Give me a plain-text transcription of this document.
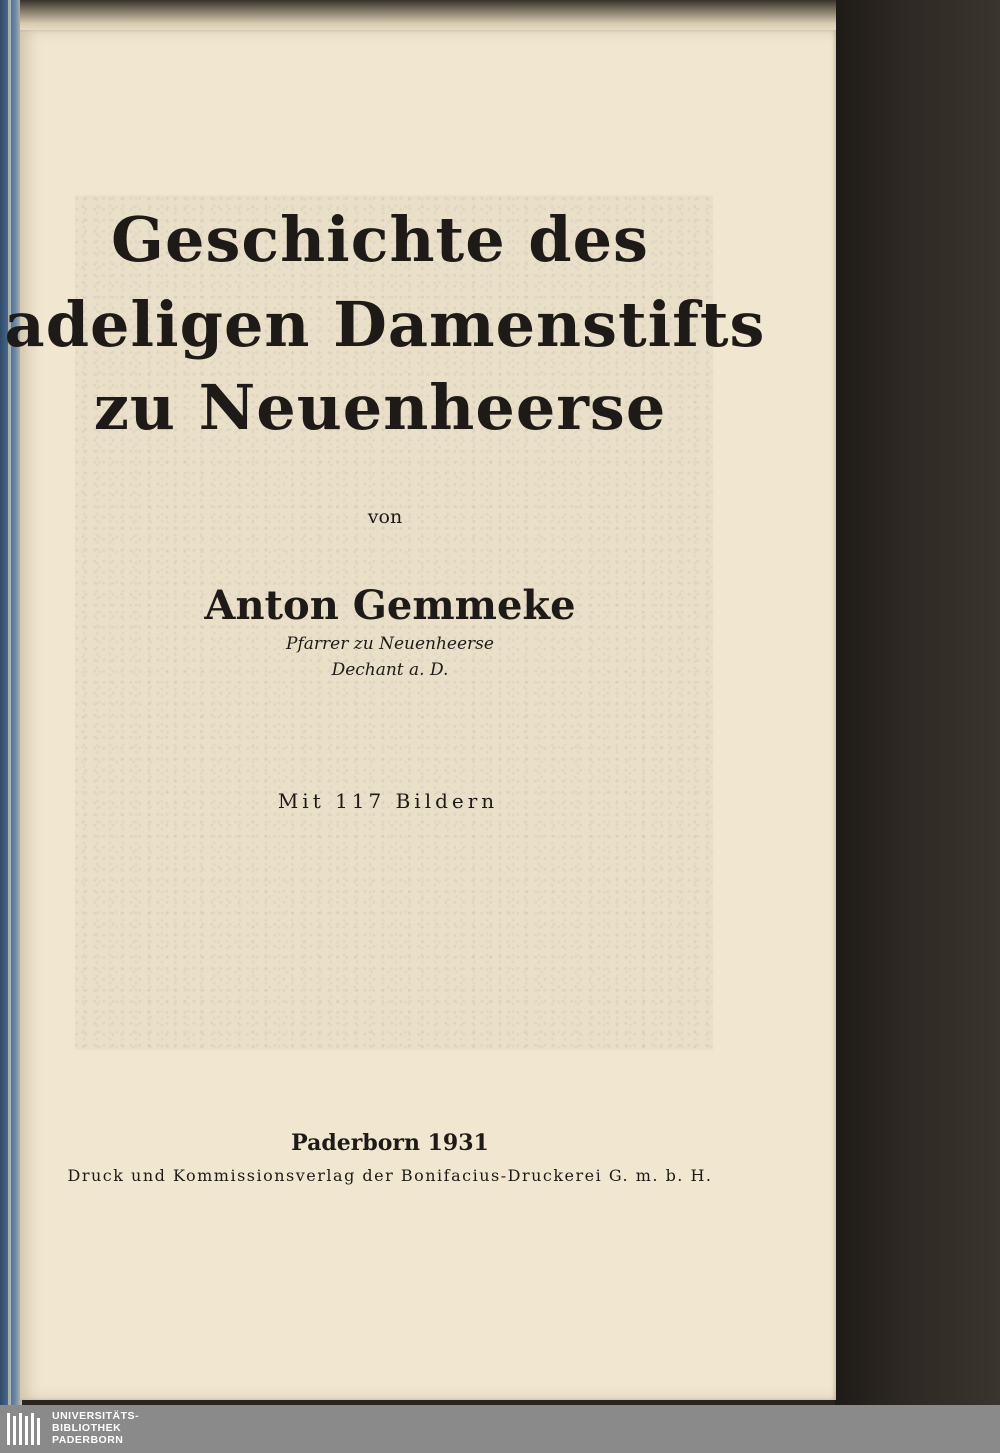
Geschichte des
adeligen Damenstifts
zu Neuenheerse
von
Anton Gemmeke
Pfarrer zu Neuenheerse
Dechant a. D.
Mit 117 Bildern
Paderborn 1931
Druck und Kommissionsverlag der Bonifacius-Druckerei G. m. b. H.
UNIVERSITÄTS-
BIBLIOTHEK
PADERBORN
